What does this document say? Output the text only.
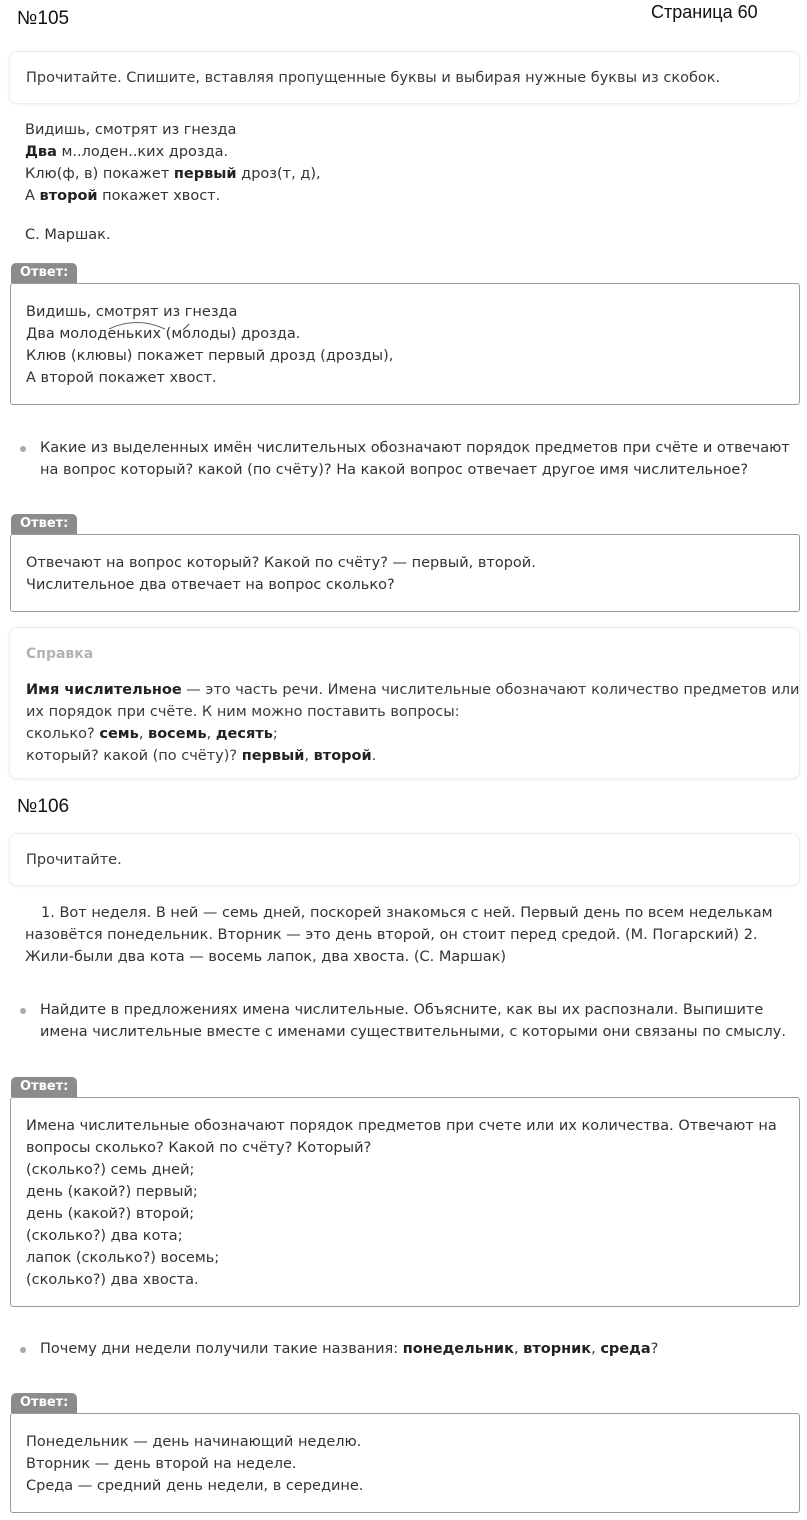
№105	Страница 60
Прочитайте. Спишите, вставляя пропущенные буквы и выбирая нужные буквы из скобок.
Видишь, смотрят из гнезда
Два м..лоден..ких дрозда.
Клю(ф, в) покажет первый дроз(т, д),
А второй покажет хвост.
С. Маршак.
Ответ:
Видишь, смотрят из гнезда
Два молоденьких (молоды) дрозда.
Клюв (клювы) покажет первый дрозд (дрозды),
А второй покажет хвост.
Какие из выделенных имён числительных обозначают порядок предметов при счёте и отвечают на вопрос который? какой (по счёту)? На какой вопрос отвечает другое имя числительное?
Ответ:
Отвечают на вопрос который? Какой по счёту? — первый, второй.
Числительное два отвечает на вопрос сколько?
Справка
Имя числительное — это часть речи. Имена числительные обозначают количество предметов или
их порядок при счёте. К ним можно поставить вопросы:
сколько? семь, восемь, десять;
который? какой (по счёту)? первый, второй.
№106
Прочитайте.
1. Вот неделя. В ней — семь дней, поскорей знакомься с ней. Первый день по всем неделькам
назовётся понедельник. Вторник — это день второй, он стоит перед средой. (М. Погарский) 2.
Жили-были два кота — восемь лапок, два хвоста. (С. Маршак)
Найдите в предложениях имена числительные. Объясните, как вы их распознали. Выпишите имена числительные вместе с именами существительными, с которыми они связаны по смыслу.
Ответ:
Имена числительные обозначают порядок предметов при счете или их количества. Отвечают на
вопросы сколько? Какой по счёту? Который?
(сколько?) семь дней;
день (какой?) первый;
день (какой?) второй;
(сколько?) два кота;
лапок (сколько?) восемь;
(сколько?) два хвоста.
Почему дни недели получили такие названия: понедельник, вторник, среда?
Ответ:
Понедельник — день начинающий неделю.
Вторник — день второй на неделе.
Среда — средний день недели, в середине.
